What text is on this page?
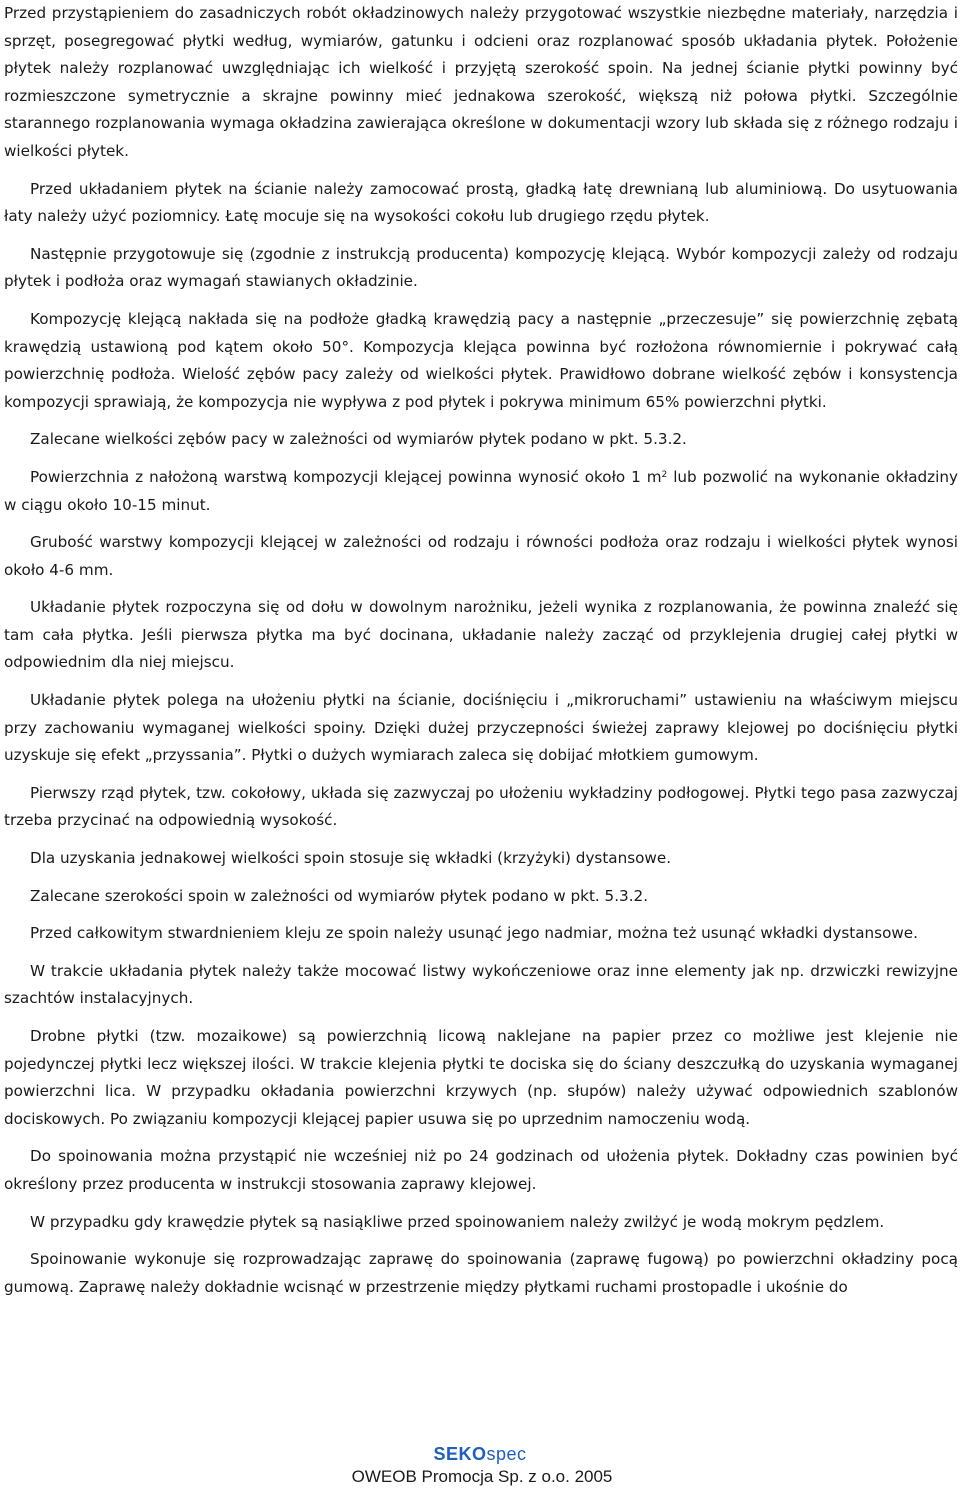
Przed przystąpieniem do zasadniczych robót okładzinowych należy przygotować wszystkie niezbędne materiały, narzędzia i sprzęt, posegregować płytki według, wymiarów, gatunku i odcieni oraz rozplanować sposób układania płytek. Położenie płytek należy rozplanować uwzględniając ich wielkość i przyjętą szerokość spoin. Na jednej ścianie płytki powinny być rozmieszczone symetrycznie a skrajne powinny mieć jednakowa szerokość, większą niż połowa płytki. Szczególnie starannego rozplanowania wymaga okładzina zawierająca określone w dokumentacji wzory lub składa się z różnego rodzaju i wielkości płytek.

Przed układaniem płytek na ścianie należy zamocować prostą, gładką łatę drewnianą lub aluminiową. Do usytuowania łaty należy użyć poziomnicy. Łatę mocuje się na wysokości cokołu lub drugiego rzędu płytek.

Następnie przygotowuje się (zgodnie z instrukcją producenta) kompozycję klejącą. Wybór kompozycji zależy od rodzaju płytek i podłoża oraz wymagań stawianych okładzinie.

Kompozycję klejącą nakłada się na podłoże gładką krawędzią pacy a następnie „przeczesuje” się powierzchnię zębatą krawędzią ustawioną pod kątem około 50°. Kompozycja klejąca powinna być rozłożona równomiernie i pokrywać całą powierzchnię podłoża. Wielość zębów pacy zależy od wielkości płytek. Prawidłowo dobrane wielkość zębów i konsystencja kompozycji sprawiają, że kompozycja nie wypływa z pod płytek i pokrywa minimum 65% powierzchni płytki.

Zalecane wielkości zębów pacy w zależności od wymiarów płytek podano w pkt. 5.3.2.

Powierzchnia z nałożoną warstwą kompozycji klejącej powinna wynosić około 1 $m^2$ lub pozwolić na wykonanie okładziny w ciągu około 10-15 minut.

Grubość warstwy kompozycji klejącej w zależności od rodzaju i równości podłoża oraz rodzaju i wielkości płytek wynosi około 4-6 mm.

Układanie płytek rozpoczyna się od dołu w dowolnym narożniku, jeżeli wynika z rozplanowania, że powinna znaleźć się tam cała płytka. Jeśli pierwsza płytka ma być docinana, układanie należy zacząć od przyklejenia drugiej całej płytki w odpowiednim dla niej miejscu.

Układanie płytek polega na ułożeniu płytki na ścianie, dociśnięciu i „mikroruchami” ustawieniu na właściwym miejscu przy zachowaniu wymaganej wielkości spoiny. Dzięki dużej przyczepności świeżej zaprawy klejowej po dociśnięciu płytki uzyskuje się efekt „przyssania”. Płytki o dużych wymiarach zaleca się dobijać młotkiem gumowym.

Pierwszy rząd płytek, tzw. cokołowy, układa się zazwyczaj po ułożeniu wykładziny podłogowej. Płytki tego pasa zazwyczaj trzeba przycinać na odpowiednią wysokość.

Dla uzyskania jednakowej wielkości spoin stosuje się wkładki (krzyżyki) dystansowe.

Zalecane szerokości spoin w zależności od wymiarów płytek podano w pkt. 5.3.2.

Przed całkowitym stwardnieniem kleju ze spoin należy usunąć jego nadmiar, można też usunąć wkładki dystansowe.

W trakcie układania płytek należy także mocować listwy wykończeniowe oraz inne elementy jak np. drzwiczki rewizyjne szachtów instalacyjnych.

Drobne płytki (tzw. mozaikowe) są powierzchnią licową naklejane na papier przez co możliwe jest klejenie nie pojedynczej płytki lecz większej ilości. W trakcie klejenia płytki te dociska się do ściany deszczułką do uzyskania wymaganej powierzchni lica. W przypadku okładania powierzchni krzywych (np. słupów) należy używać odpowiednich szablonów dociskowych. Po związaniu kompozycji klejącej papier usuwa się po uprzednim namoczeniu wodą.

Do spoinowania można przystąpić nie wcześniej niż po 24 godzinach od ułożenia płytek. Dokładny czas powinien być określony przez producenta w instrukcji stosowania zaprawy klejowej.

W przypadku gdy krawędzie płytek są nasiąkliwe przed spoinowaniem należy zwilżyć je wodą mokrym pędzlem.

Spoinowanie wykonuje się rozprowadzając zaprawę do spoinowania (zaprawę fugową) po powierzchni okładziny pocą gumową. Zaprawę należy dokładnie wcisnąć w przestrzenie między płytkami ruchami prostopadle i ukośnie do

SEKOspec
OWEOB Promocja Sp. z o.o. 2005
